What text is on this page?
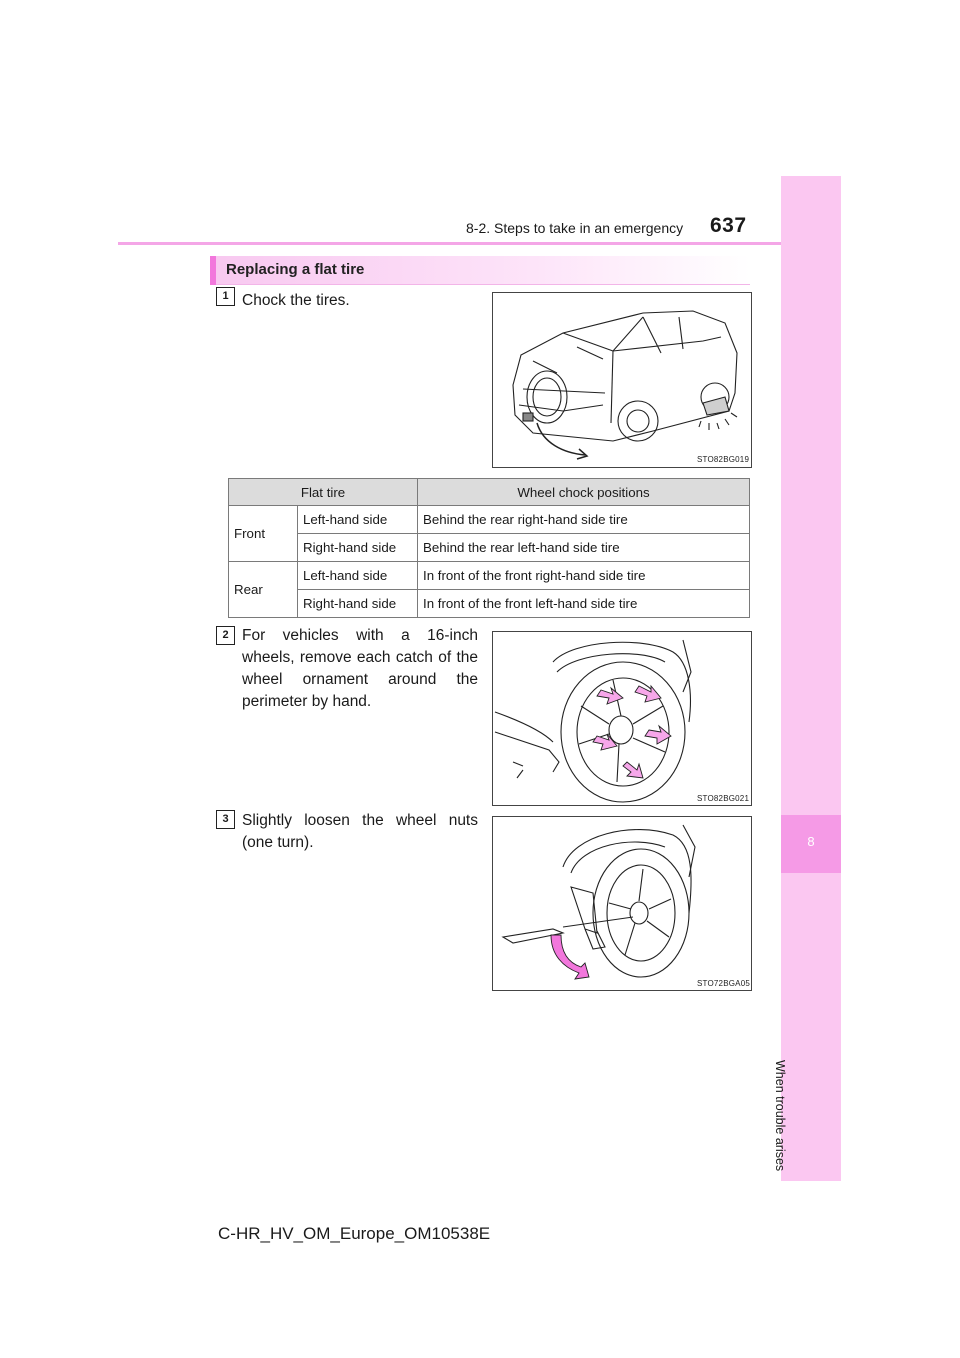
8-2. Steps to take in an emergency 637
8
When trouble arises
Replacing a flat tire
1 Chock the tires.
STO82BG019
Flat tire		Wheel chock positions
Front	Left-hand side	Behind the rear right-hand side tire
	Right-hand side	Behind the rear left-hand side tire
Rear	Left-hand side	In front of the front right-hand side tire
	Right-hand side	In front of the front left-hand side tire
2 For vehicles with a 16-inch wheels, remove each catch of the wheel ornament around the perimeter by hand.
STO82BG021
3 Slightly loosen the wheel nuts (one turn).
STO72BGA05
C-HR_HV_OM_Europe_OM10538E
